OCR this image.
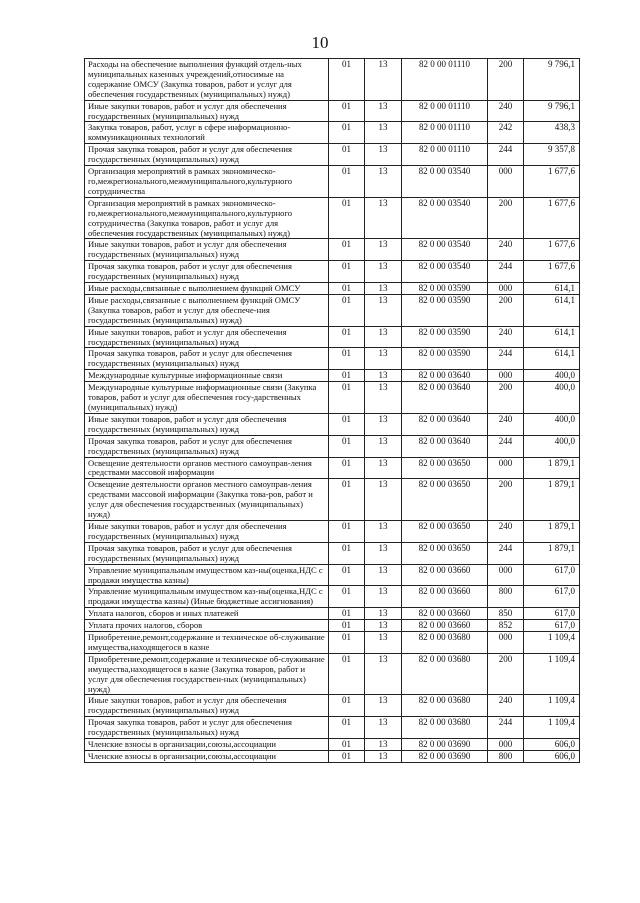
10
Расходы на обеспечение выполнения функций отдель-ных муниципальных казенных учреждений,относимые на содержание ОМСУ (Закупка товаров, работ и услуг для обеспечения государственных (муниципальных) нужд)	01	13	82 0 00 01110	200	9 796,1
Иные закупки товаров, работ и услуг для обеспечения государственных (муниципальных) нужд	01	13	82 0 00 01110	240	9 796,1
Закупка товаров, работ, услуг в сфере информационно-коммуникационных технологий	01	13	82 0 00 01110	242	438,3
Прочая закупка товаров, работ и услуг для обеспечения государственных (муниципальных) нужд	01	13	82 0 00 01110	244	9 357,8
Организация мероприятий в рамках экономическо-го,межрегионального,межмуниципального,культурного сотрудничества	01	13	82 0 00 03540	000	1 677,6
Организация мероприятий в рамках экономическо-го,межрегионального,межмуниципального,культурного сотрудничества (Закупка товаров, работ и услуг для обеспечения государственных (муниципальных) нужд)	01	13	82 0 00 03540	200	1 677,6
Иные закупки товаров, работ и услуг для обеспечения государственных (муниципальных) нужд	01	13	82 0 00 03540	240	1 677,6
Прочая закупка товаров, работ и услуг для обеспечения государственных (муниципальных) нужд	01	13	82 0 00 03540	244	1 677,6
Иные расходы,связанные с выполнением функций ОМСУ	01	13	82 0 00 03590	000	614,1
Иные расходы,связанные с выполнением функций ОМСУ (Закупка товаров, работ и услуг для обеспече-ния государственных (муниципальных) нужд)	01	13	82 0 00 03590	200	614,1
Иные закупки товаров, работ и услуг для обеспечения государственных (муниципальных) нужд	01	13	82 0 00 03590	240	614,1
Прочая закупка товаров, работ и услуг для обеспечения государственных (муниципальных) нужд	01	13	82 0 00 03590	244	614,1
Международные культурные информационные связи	01	13	82 0 00 03640	000	400,0
Международные культурные информационные связи (Закупка товаров, работ и услуг для обеспечения госу-дарственных (муниципальных) нужд)	01	13	82 0 00 03640	200	400,0
Иные закупки товаров, работ и услуг для обеспечения государственных (муниципальных) нужд	01	13	82 0 00 03640	240	400,0
Прочая закупка товаров, работ и услуг для обеспечения государственных (муниципальных) нужд	01	13	82 0 00 03640	244	400,0
Освещение деятельности органов местного самоуправ-ления средствами массовой информации	01	13	82 0 00 03650	000	1 879,1
Освещение деятельности органов местного самоуправ-ления средствами массовой информации (Закупка това-ров, работ и услуг для обеспечения государственных (муниципальных) нужд)	01	13	82 0 00 03650	200	1 879,1
Иные закупки товаров, работ и услуг для обеспечения государственных (муниципальных) нужд	01	13	82 0 00 03650	240	1 879,1
Прочая закупка товаров, работ и услуг для обеспечения государственных (муниципальных) нужд	01	13	82 0 00 03650	244	1 879,1
Управление муниципальным имуществом каз-ны(оценка,НДС с продажи имущества казны)	01	13	82 0 00 03660	000	617,0
Управление муниципальным имуществом каз-ны(оценка,НДС с продажи имущества казны) (Иные бюджетные ассигнования)	01	13	82 0 00 03660	800	617,0
Уплата налогов, сборов и иных платежей	01	13	82 0 00 03660	850	617,0
Уплата прочих налогов, сборов	01	13	82 0 00 03660	852	617,0
Приобретение,ремонт,содержание и техническое об-служивание имущества,находящегося в казне	01	13	82 0 00 03680	000	1 109,4
Приобретение,ремонт,содержание и техническое об-служивание имущества,находящегося в казне (Закупка товаров, работ и услуг для обеспечения государствен-ных (муниципальных) нужд)	01	13	82 0 00 03680	200	1 109,4
Иные закупки товаров, работ и услуг для обеспечения государственных (муниципальных) нужд	01	13	82 0 00 03680	240	1 109,4
Прочая закупка товаров, работ и услуг для обеспечения государственных (муниципальных) нужд	01	13	82 0 00 03680	244	1 109,4
Членские взносы в организации,союзы,ассоциации	01	13	82 0 00 03690	000	606,0
Членские взносы в организации,союзы,ассоциации	01	13	82 0 00 03690	800	606,0
